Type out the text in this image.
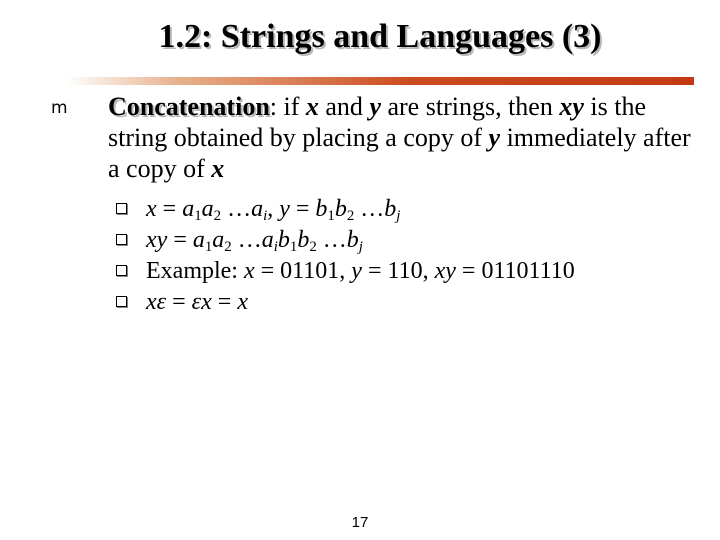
1.2: Strings and Languages (3)
m Concatenation: if x and y are strings, then xy is the string obtained by placing a copy of y immediately after a copy of x
$x = a_1a_2$ $\dots a_i$, $y = b_1b_2$ $\dots b_j$
xy = $a_1a_2$ $\dots a_ib_1b_2$ $\dots b_j$
Example: x = 01101, y = 110, xy = 01101110
xε = εx = x
17
